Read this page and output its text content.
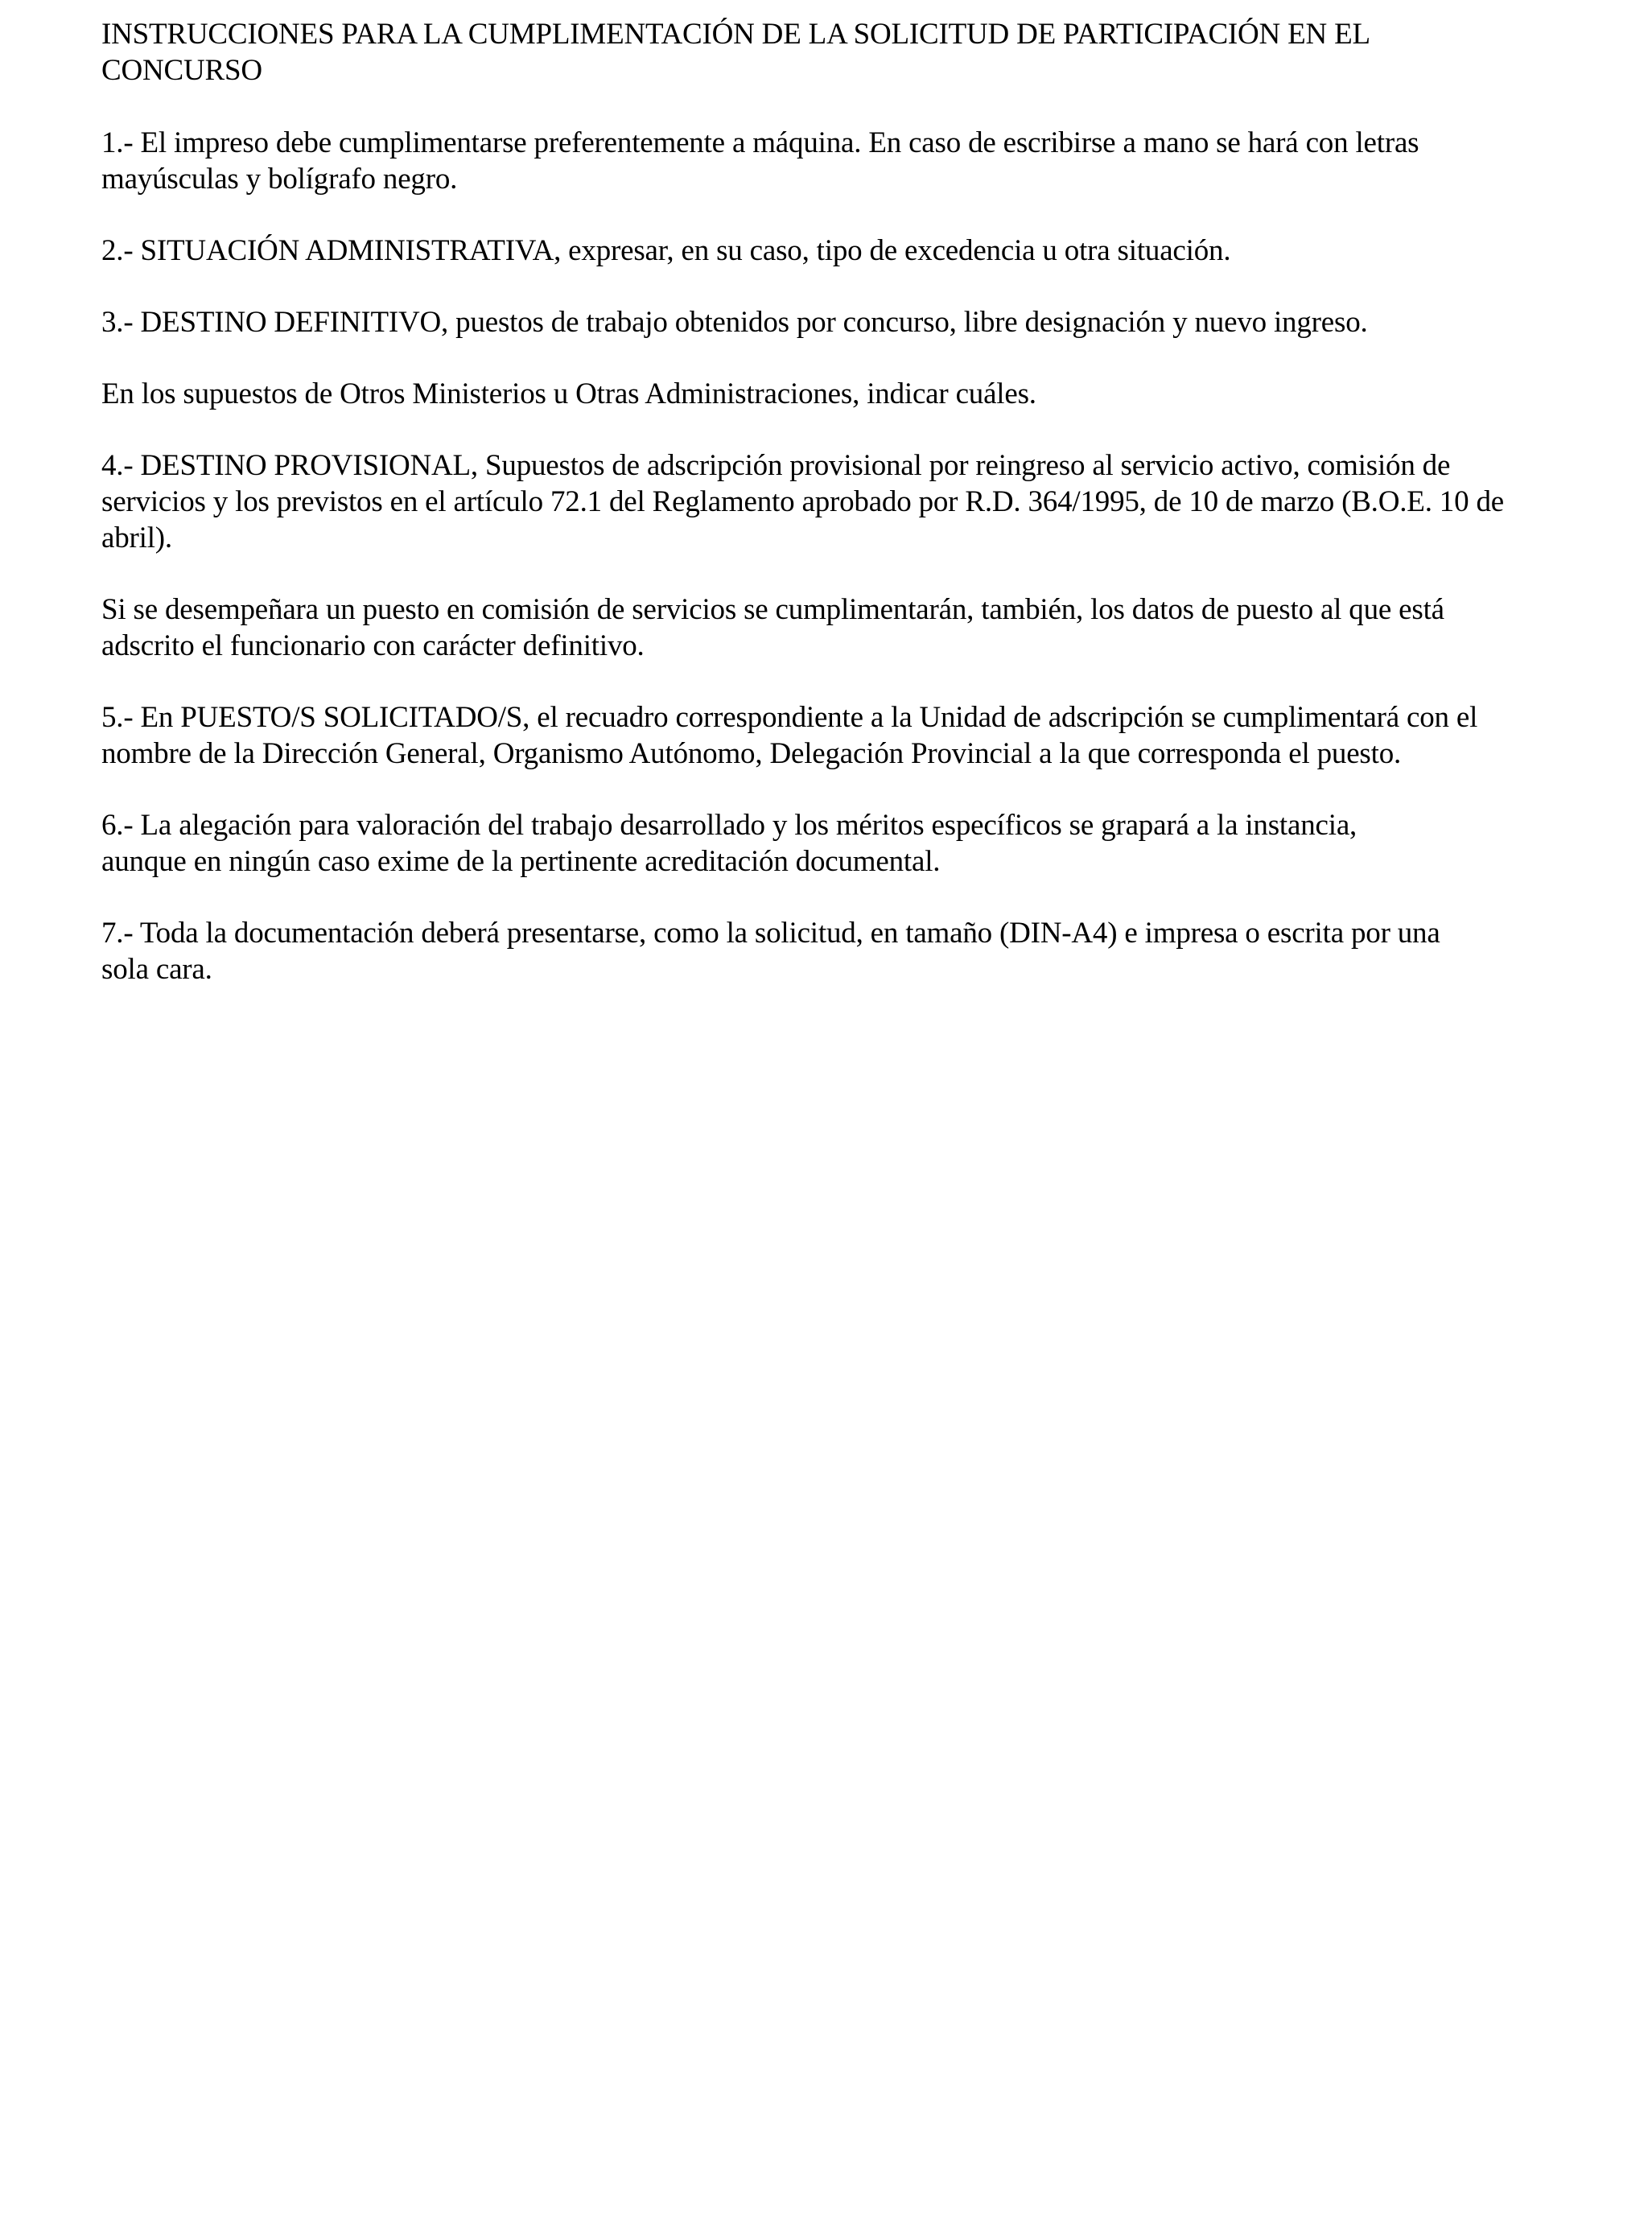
INSTRUCCIONES PARA LA CUMPLIMENTACIÓN DE LA SOLICITUD DE PARTICIPACIÓN EN EL CONCURSO

1.- El impreso debe cumplimentarse preferentemente a máquina. En caso de escribirse a mano se hará con letras mayúsculas y bolígrafo negro.

2.- SITUACIÓN ADMINISTRATIVA, expresar, en su caso, tipo de excedencia u otra situación.

3.- DESTINO DEFINITIVO, puestos de trabajo obtenidos por concurso, libre designación y nuevo ingreso.

En los supuestos de Otros Ministerios u Otras Administraciones, indicar cuáles.

4.- DESTINO PROVISIONAL, Supuestos de adscripción provisional por reingreso al servicio activo, comisión de servicios y los previstos en el artículo 72.1 del Reglamento aprobado por R.D. 364/1995, de 10 de marzo (B.O.E. 10 de abril).

Si se desempeñara un puesto en comisión de servicios se cumplimentarán, también, los datos de puesto al que está adscrito el funcionario con carácter definitivo.

5.- En PUESTO/S SOLICITADO/S, el recuadro correspondiente a la Unidad de adscripción se cumplimentará con el nombre de la Dirección General, Organismo Autónomo, Delegación Provincial a la que corresponda el puesto.

6.- La alegación para valoración del trabajo desarrollado y los méritos específicos se grapará a la instancia, aunque en ningún caso exime de la pertinente acreditación documental.

7.- Toda la documentación deberá presentarse, como la solicitud, en tamaño (DIN-A4) e impresa o escrita por una sola cara.
